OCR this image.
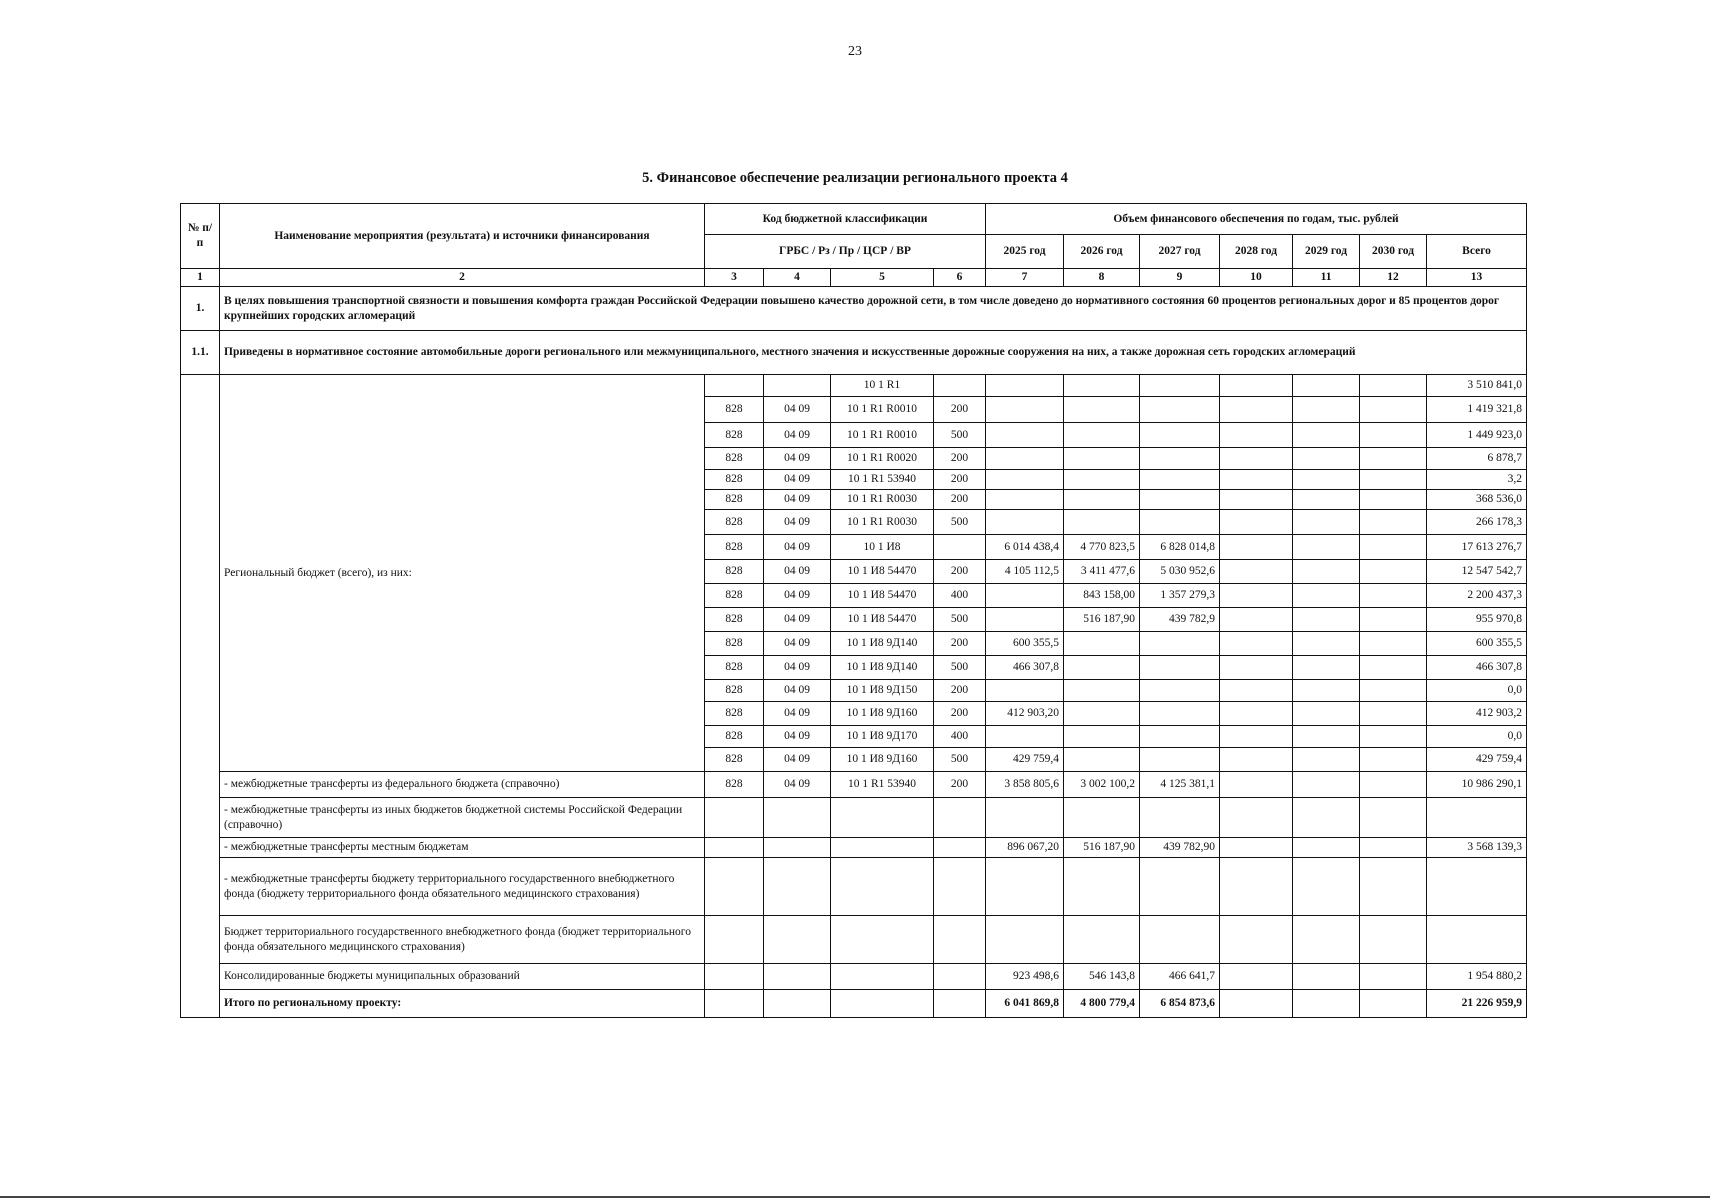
23
5. Финансовое обеспечение реализации регионального проекта 4
№ п/п	Наименование мероприятия (результата) и источники финансирования	Код бюджетной классификации				Объем финансового обеспечения по годам, тыс. рублей						
		ГРБС / Рз / Пр / ЦСР / ВР				2025 год	2026 год	2027 год	2028 год	2029 год	2030 год	Всего
1	2	3	4	5	6	7	8	9	10	11	12	13
1.	В целях повышения транспортной связности и повышения комфорта граждан Российской Федерации повышено качество дорожной сети, в том числе доведено до нормативного состояния 60 процентов региональных дорог и 85 процентов дорог крупнейших городских агломераций											
1.1.	Приведены в нормативное состояние автомобильные дороги регионального или межмуниципального, местного значения и искусственные дорожные сооружения на них, а также дорожная сеть городских агломераций											
	Региональный бюджет (всего), из них:			10 1 R1								3 510 841,0
		828	04 09	10 1 R1 R0010	200							1 419 321,8
		828	04 09	10 1 R1 R0010	500							1 449 923,0
		828	04 09	10 1 R1 R0020	200							6 878,7
		828	04 09	10 1 R1 53940	200							3,2
		828	04 09	10 1 R1 R0030	200							368 536,0
		828	04 09	10 1 R1 R0030	500							266 178,3
		828	04 09	10 1 И8		6 014 438,4	4 770 823,5	6 828 014,8				17 613 276,7
		828	04 09	10 1 И8 54470	200	4 105 112,5	3 411 477,6	5 030 952,6				12 547 542,7
		828	04 09	10 1 И8 54470	400		843 158,00	1 357 279,3				2 200 437,3
		828	04 09	10 1 И8 54470	500		516 187,90	439 782,9				955 970,8
		828	04 09	10 1 И8 9Д140	200	600 355,5						600 355,5
		828	04 09	10 1 И8 9Д140	500	466 307,8						466 307,8
		828	04 09	10 1 И8 9Д150	200							0,0
		828	04 09	10 1 И8 9Д160	200	412 903,20						412 903,2
		828	04 09	10 1 И8 9Д170	400							0,0
		828	04 09	10 1 И8 9Д160	500	429 759,4						429 759,4
	- межбюджетные трансферты из федерального бюджета (справочно)	828	04 09	10 1 R1 53940	200	3 858 805,6	3 002 100,2	4 125 381,1				10 986 290,1
	- межбюджетные трансферты из иных бюджетов бюджетной системы Российской Федерации (справочно)											
	- межбюджетные трансферты местным бюджетам					896 067,20	516 187,90	439 782,90				3 568 139,3
	- межбюджетные трансферты бюджету территориального государственного внебюджетного фонда (бюджету территориального фонда обязательного медицинского страхования)											
	Бюджет территориального государственного внебюджетного фонда (бюджет территориального фонда обязательного медицинского страхования)											
	Консолидированные бюджеты муниципальных образований					923 498,6	546 143,8	466 641,7				1 954 880,2
	Итого по региональному проекту:					6 041 869,8	4 800 779,4	6 854 873,6				21 226 959,9
